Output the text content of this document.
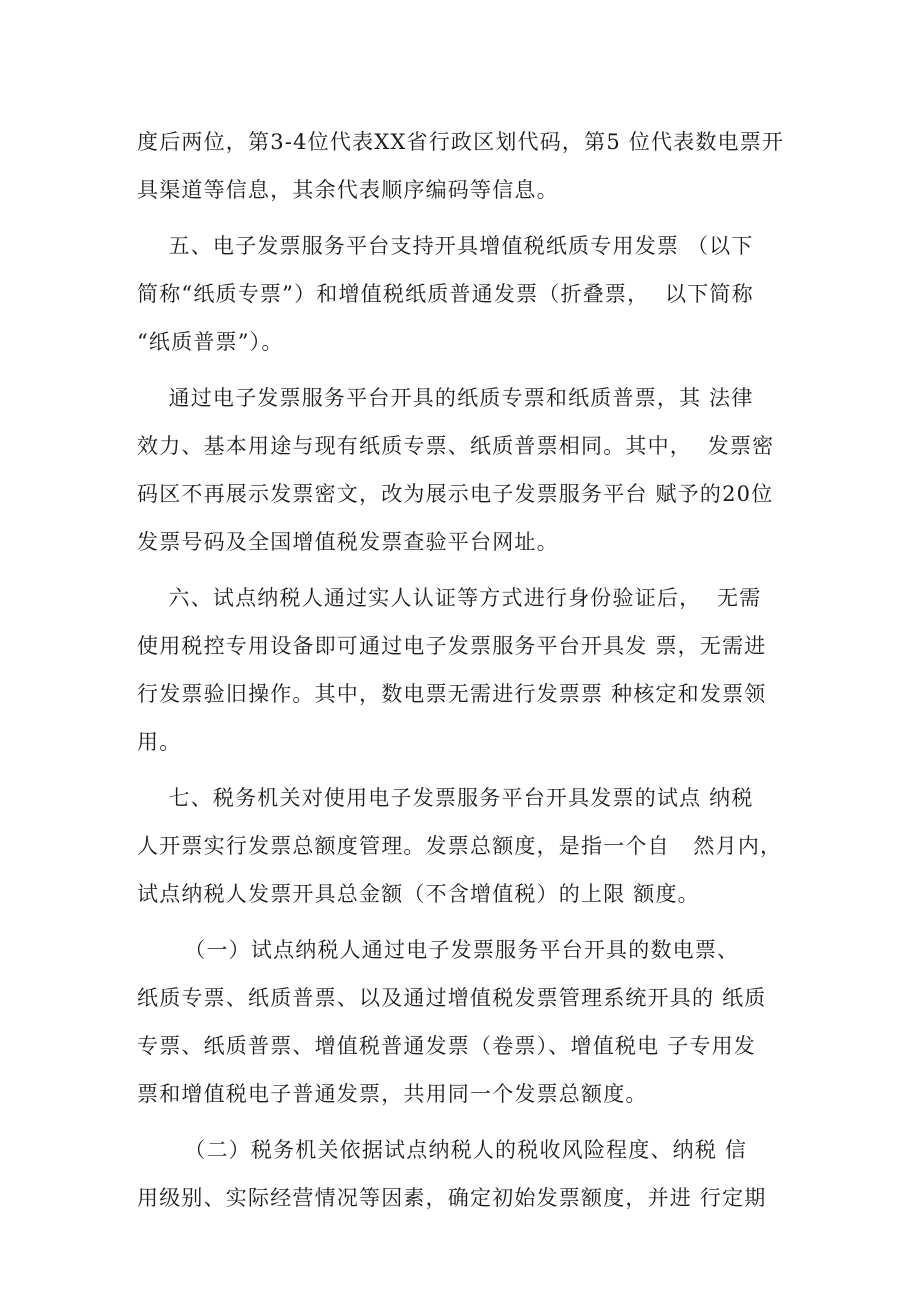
度后两位，第3-4位代表XX省行政区划代码，第5 位代表数电票开
具渠道等信息，其余代表顺序编码等信息。
五、电子发票服务平台支持开具增值税纸质专用发票 （以下
简称“纸质专票”）和增值税纸质普通发票（折叠票，  以下简称
“纸质普票”）。
通过电子发票服务平台开具的纸质专票和纸质普票，其 法律
效力、基本用途与现有纸质专票、纸质普票相同。其中，  发票密
码区不再展示发票密文，改为展示电子发票服务平台 赋予的20位
发票号码及全国增值税发票查验平台网址。
六、试点纳税人通过实人认证等方式进行身份验证后，  无需
使用税控专用设备即可通过电子发票服务平台开具发 票，无需进
行发票验旧操作。其中，数电票无需进行发票票 种核定和发票领
用。
七、税务机关对使用电子发票服务平台开具发票的试点 纳税
人开票实行发票总额度管理。发票总额度，是指一个自   然月内，
试点纳税人发票开具总金额（不含增值税）的上限 额度。
（一）试点纳税人通过电子发票服务平台开具的数电票、
纸质专票、纸质普票、以及通过增值税发票管理系统开具的 纸质
专票、纸质普票、增值税普通发票（卷票）、增值税电 子专用发
票和增值税电子普通发票，共用同一个发票总额度。
（二）税务机关依据试点纳税人的税收风险程度、纳税 信
用级别、实际经营情况等因素，确定初始发票额度，并进 行定期
